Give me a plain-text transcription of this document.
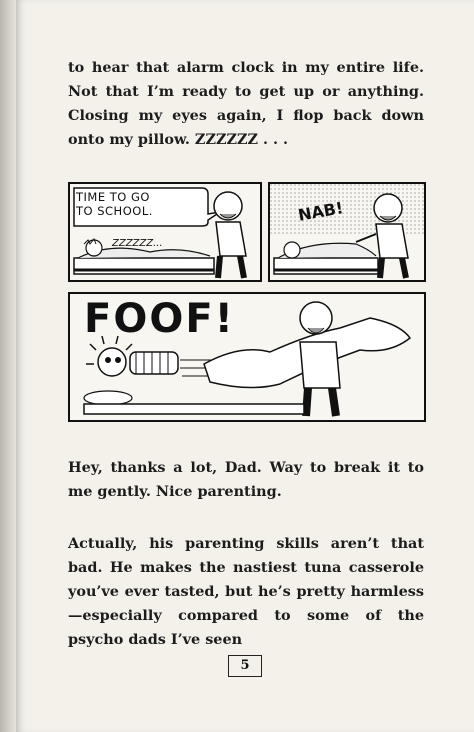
to hear that alarm clock in my entire life. Not that I’m ready to get up or anything. Closing my eyes again, I flop back down onto my pillow. ZZZZZZ . . .

TIME TO GO
TO SCHOOL.
ZZZZZZ...
NAB!
FOOF!

Hey, thanks a lot, Dad. Way to break it to me gently. Nice parenting.

Actually, his parenting skills aren’t that bad. He makes the nastiest tuna casserole you’ve ever tasted, but he’s pretty harmless—especially compared to some of the psycho dads I’ve seen

5
